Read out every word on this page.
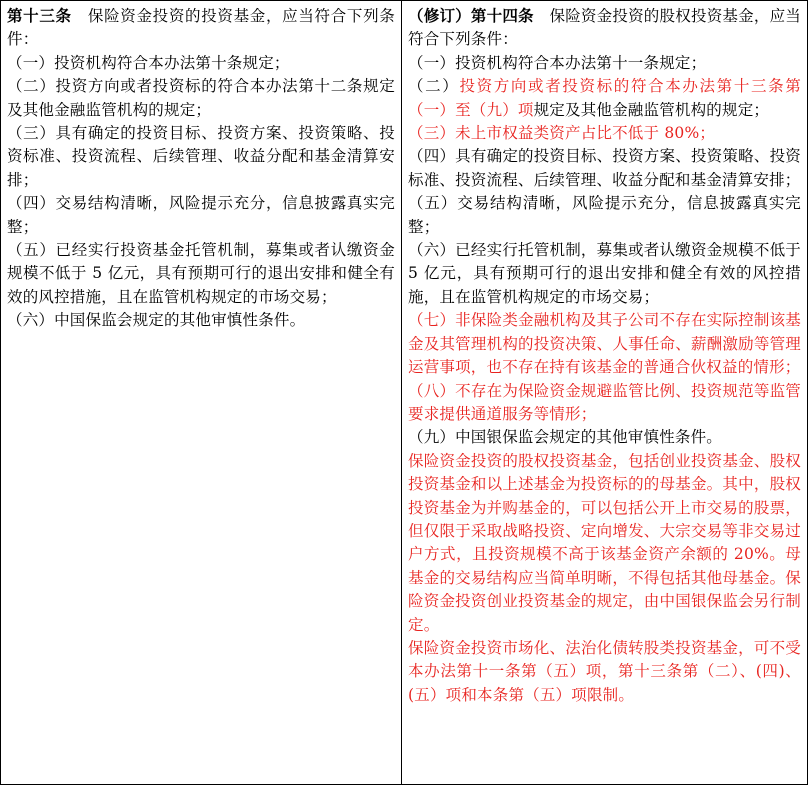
第十三条　保险资金投资的投资基金，应当符合下列条件：

（一）投资机构符合本办法第十条规定；

（二）投资方向或者投资标的符合本办法第十二条规定及其他金融监管机构的规定；

（三）具有确定的投资目标、投资方案、投资策略、投资标准、投资流程、后续管理、收益分配和基金清算安排；

（四）交易结构清晰，风险提示充分，信息披露真实完整；

（五）已经实行投资基金托管机制，募集或者认缴资金规模不低于 5 亿元，具有预期可行的退出安排和健全有效的风控措施，且在监管机构规定的市场交易；

（六）中国保监会规定的其他审慎性条件。

（修订）第十四条　保险资金投资的股权投资基金，应当符合下列条件：

（一）投资机构符合本办法第十一条规定；

（二）投资方向或者投资标的符合本办法第十三条第（一）至（九）项规定及其他金融监管机构的规定；

（三）未上市权益类资产占比不低于 80%；

（四）具有确定的投资目标、投资方案、投资策略、投资标准、投资流程、后续管理、收益分配和基金清算安排；

（五）交易结构清晰，风险提示充分，信息披露真实完整；

（六）已经实行托管机制，募集或者认缴资金规模不低于 5 亿元，具有预期可行的退出安排和健全有效的风控措施，且在监管机构规定的市场交易；

（七）非保险类金融机构及其子公司不存在实际控制该基金及其管理机构的投资决策、人事任命、薪酬激励等管理运营事项，也不存在持有该基金的普通合伙权益的情形；

（八）不存在为保险资金规避监管比例、投资规范等监管要求提供通道服务等情形；

（九）中国银保监会规定的其他审慎性条件。

保险资金投资的股权投资基金，包括创业投资基金、股权投资基金和以上述基金为投资标的的母基金。其中，股权投资基金为并购基金的，可以包括公开上市交易的股票，但仅限于采取战略投资、定向增发、大宗交易等非交易过户方式，且投资规模不高于该基金资产余额的 20%。母基金的交易结构应当简单明晰，不得包括其他母基金。保险资金投资创业投资基金的规定，由中国银保监会另行制定。

保险资金投资市场化、法治化债转股类投资基金，可不受本办法第十一条第（五）项，第十三条第（二）、(四)、(五）项和本条第（五）项限制。
